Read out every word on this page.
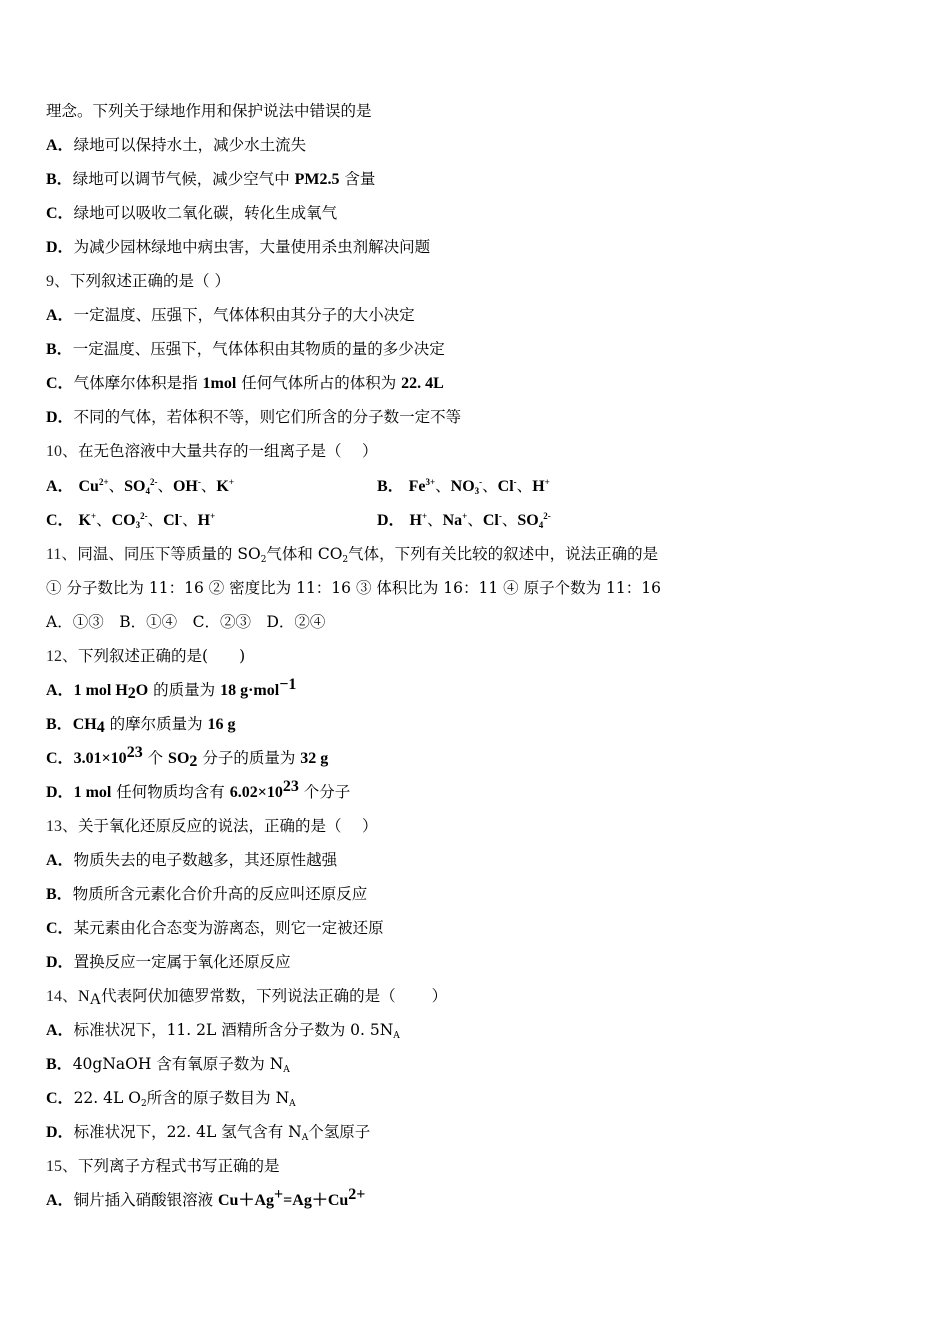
理念。下列关于绿地作用和保护说法中错误的是
A．绿地可以保持水土，减少水土流失
B．绿地可以调节气候，减少空气中 PM2.5 含量
C．绿地可以吸收二氧化碳，转化生成氧气
D．为减少园林绿地中病虫害，大量使用杀虫剂解决问题
9、下列叙述正确的是（ ）
A．一定温度、压强下，气体体积由其分子的大小决定
B．一定温度、压强下，气体体积由其物质的量的多少决定
C．气体摩尔体积是指 1mol 任何气体所占的体积为 22. 4L
D．不同的气体，若体积不等，则它们所含的分子数一定不等
10、在无色溶液中大量共存的一组离子是（　 ）
A． $Cu^{2+}$、$SO_4^{2-}$、OH-、K+	B． $Fe^{3+}$、$NO_3^-$、Cl-、H+
C． K+、$CO_3^{2-}$、Cl-、H+	D． H+、Na+、Cl-、$SO_4^{2-}$
11、同温、同压下等质量的 $SO_2$气体和 $CO_2$气体，下列有关比较的叙述中，说法正确的是
① 分子数比为 11：16 ② 密度比为 11：16 ③ 体积比为 16：11 ④ 原子个数为 11：16
A．①③　B．①④　C．②③　D．②④
12、下列叙述正确的是(　　)
A．1 mol $H_2O$ 的质量为 18 g·mol$^{-1}$
B．$CH_4$ 的摩尔质量为 16 g
C．$3.01\times 10^{23}$ 个 $SO_2$ 分子的质量为 32 g
D．1 mol 任何物质均含有 $6.02\times 10^{23}$ 个分子
13、关于氧化还原反应的说法，正确的是（　 ）
A．物质失去的电子数越多，其还原性越强
B．物质所含元素化合价升高的反应叫还原反应
C．某元素由化合态变为游离态，则它一定被还原
D．置换反应一定属于氧化还原反应
14、$N_A$代表阿伏加德罗常数，下列说法正确的是（　　 ）
A．标准状况下，11. 2L 酒精所含分子数为 0. $5N_A$
B．40gNaOH 含有氧原子数为 $N_A$
C．22. 4L $O_2$所含的原子数目为 $N_A$
D．标准状况下，22. 4L 氢气含有 $N_A$个氢原子
15、下列离子方程式书写正确的是
A．铜片插入硝酸银溶液 $Cu+Ag^+=Ag+Cu^{2+}$
